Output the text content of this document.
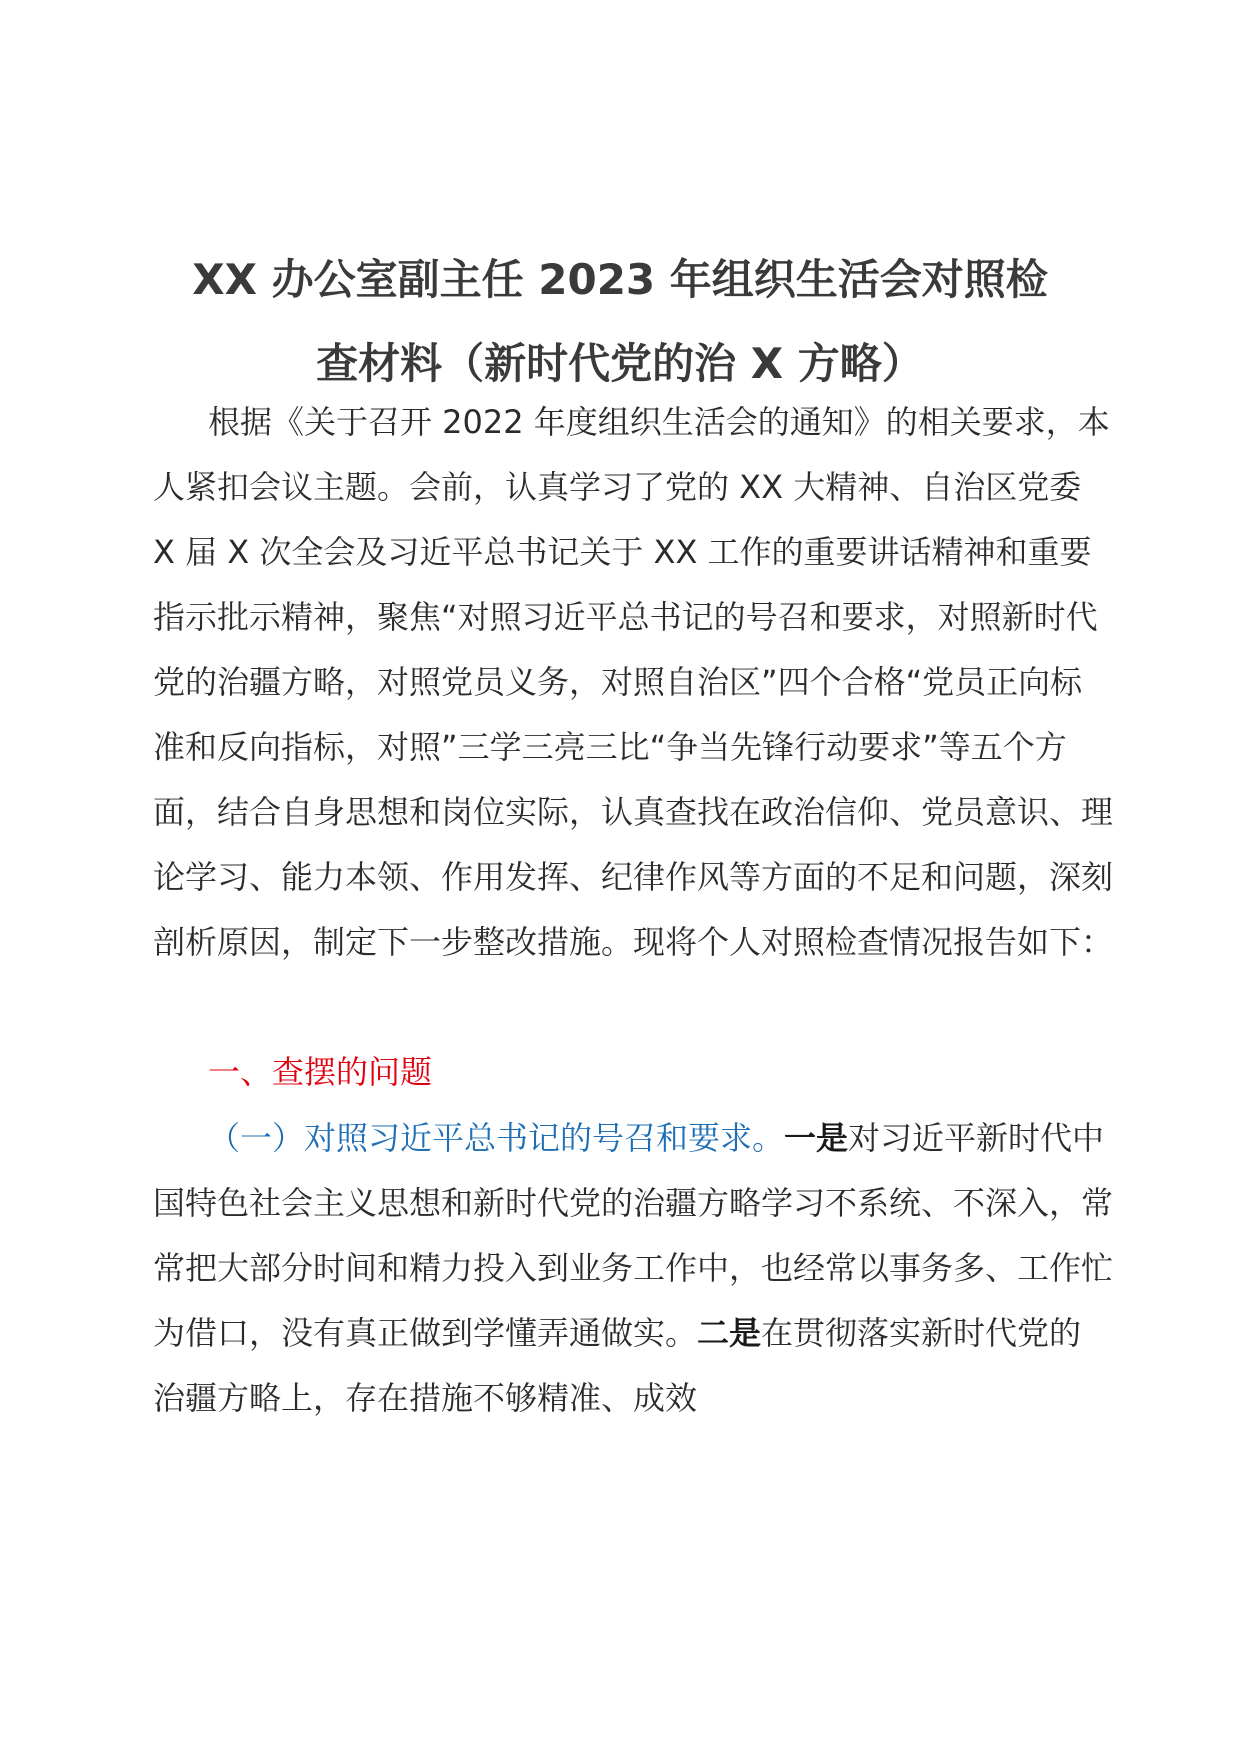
XX 办公室副主任 2023 年组织生活会对照检
查材料（新时代党的治 X 方略）

根据《关于召开 2022 年度组织生活会的通知》的相关要求，本人紧扣会议主题。会前，认真学习了党的 XX 大精神、自治区党委 X 届 X 次全会及习近平总书记关于 XX 工作的重要讲话精神和重要指示批示精神，聚焦“对照习近平总书记的号召和要求，对照新时代党的治疆方略，对照党员义务，对照自治区”四个合格“党员正向标准和反向指标，对照”三学三亮三比“争当先锋行动要求”等五个方面，结合自身思想和岗位实际，认真查找在政治信仰、党员意识、理论学习、能力本领、作用发挥、纪律作风等方面的不足和问题，深刻剖析原因，制定下一步整改措施。现将个人对照检查情况报告如下：

一、查摆的问题

（一）对照习近平总书记的号召和要求。一是对习近平新时代中国特色社会主义思想和新时代党的治疆方略学习不系统、不深入，常常把大部分时间和精力投入到业务工作中，也经常以事务多、工作忙为借口，没有真正做到学懂弄通做实。二是在贯彻落实新时代党的治疆方略上，存在措施不够精准、成效
